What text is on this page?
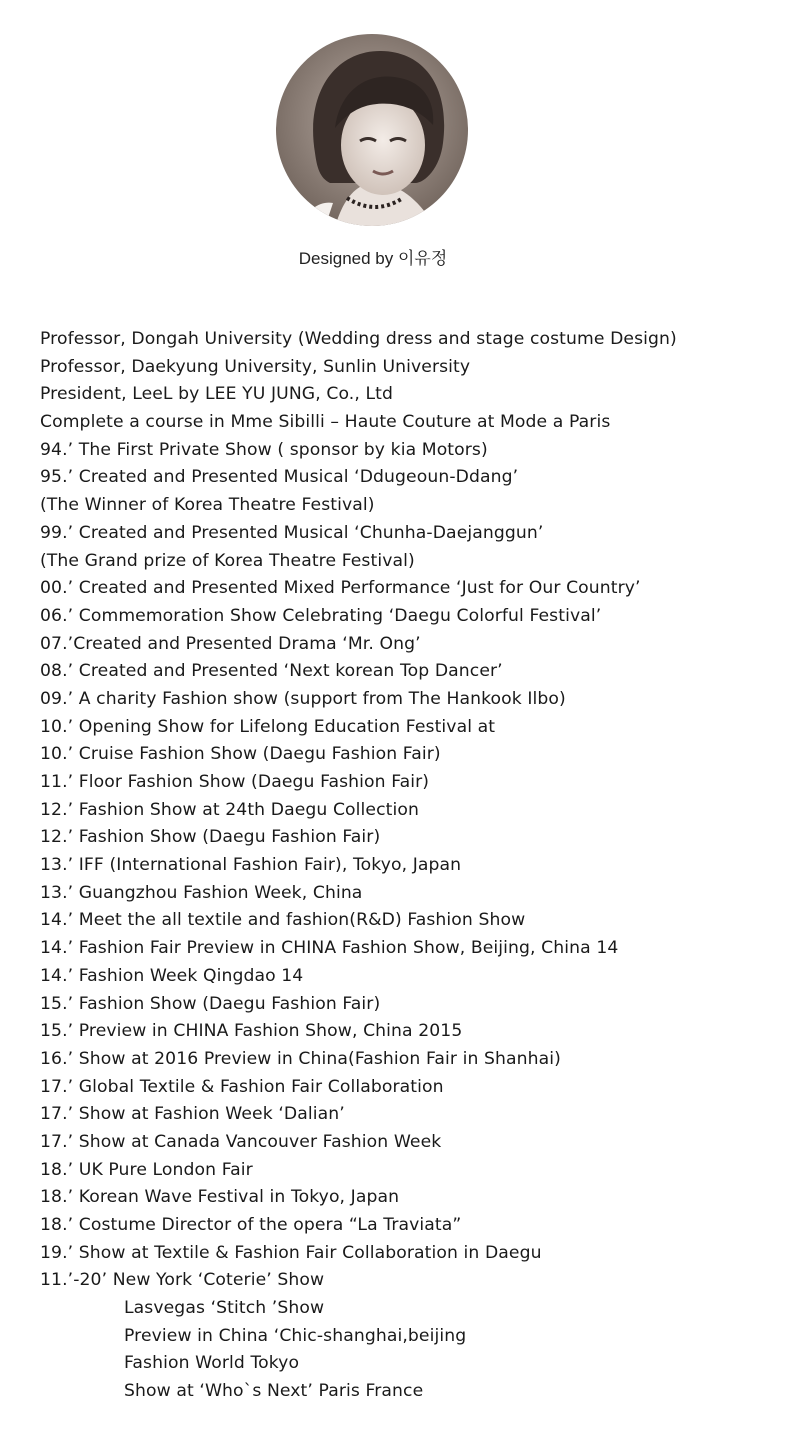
Designed by 이유정
Professor, Dongah University (Wedding dress and stage costume Design)
Professor, Daekyung University, Sunlin University
President, LeeL by LEE YU JUNG, Co., Ltd
Complete a course in Mme Sibilli – Haute Couture at Mode a Paris
94.’ The First Private Show ( sponsor by kia Motors)
95.’ Created and Presented Musical ‘Ddugeoun-Ddang’
(The Winner of Korea Theatre Festival)
99.’ Created and Presented Musical ‘Chunha-Daejanggun’
(The Grand prize of Korea Theatre Festival)
00.’ Created and Presented Mixed Performance ‘Just for Our Country’
06.’ Commemoration Show Celebrating ‘Daegu Colorful Festival’
07.’Created and Presented Drama ‘Mr. Ong’
08.’ Created and Presented ‘Next korean Top Dancer’
09.’ A charity Fashion show (support from The Hankook Ilbo)
10.’ Opening Show for Lifelong Education Festival at
10.’ Cruise Fashion Show (Daegu Fashion Fair)
11.’ Floor Fashion Show (Daegu Fashion Fair)
12.’ Fashion Show at 24th Daegu Collection
12.’ Fashion Show (Daegu Fashion Fair)
13.’ IFF (International Fashion Fair), Tokyo, Japan
13.’ Guangzhou Fashion Week, China
14.’ Meet the all textile and fashion(R&D) Fashion Show
14.’ Fashion Fair Preview in CHINA Fashion Show, Beijing, China 14
14.’ Fashion Week Qingdao 14
15.’ Fashion Show (Daegu Fashion Fair)
15.’ Preview in CHINA Fashion Show, China 2015
16.’ Show at 2016 Preview in China(Fashion Fair in Shanhai)
17.’ Global Textile & Fashion Fair Collaboration
17.’ Show at Fashion Week ‘Dalian’
17.’ Show at Canada Vancouver Fashion Week
18.’ UK Pure London Fair
18.’ Korean Wave Festival in Tokyo, Japan
18.’ Costume Director of the opera “La Traviata”
19.’ Show at Textile & Fashion Fair Collaboration in Daegu
11.’-20’ New York ‘Coterie’ Show
Lasvegas ‘Stitch ’Show
Preview in China ‘Chic-shanghai,beijing
Fashion World Tokyo
Show at ‘Who`s Next’ Paris France
